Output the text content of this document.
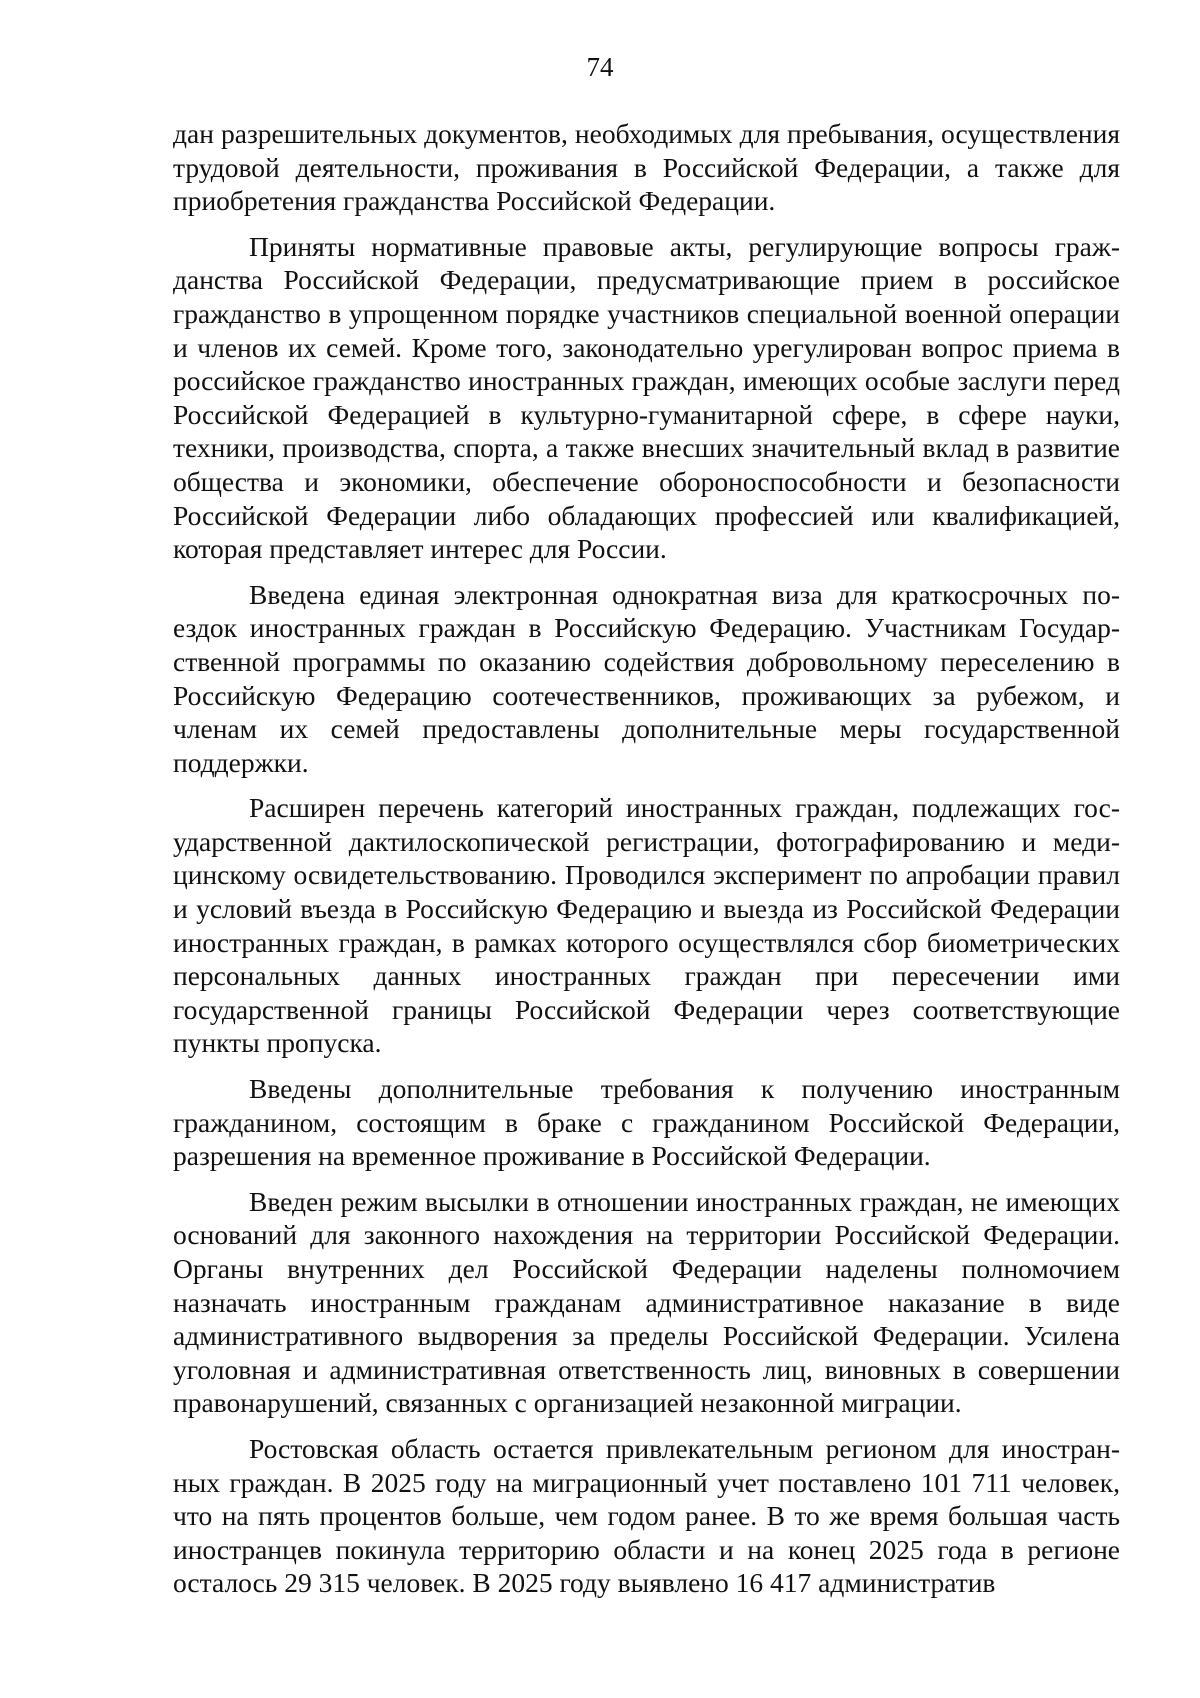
74

дан разрешительных документов, необходимых для пребывания, осуществления трудовой деятельности, проживания в Российской Федерации, а также для приобретения гражданства Российской Федерации.

Приняты нормативные правовые акты, регулирующие вопросы гражданства Российской Федерации, предусматривающие прием в российское гражданство в упрощенном порядке участников специальной военной операции и членов их семей. Кроме того, законодательно урегулирован вопрос приема в российское гражданство иностранных граждан, имеющих особые заслуги перед Российской Федерацией в культурно-гуманитарной сфере, в сфере науки, техники, производства, спорта, а также внесших значительный вклад в развитие общества и экономики, обеспечение обороноспособности и безопасности Российской Федерации либо обладающих профессией или квалификацией, которая представляет интерес для России.

Введена единая электронная однократная виза для краткосрочных поездок иностранных граждан в Российскую Федерацию. Участникам Государственной программы по оказанию содействия добровольному переселению в Российскую Федерацию соотечественников, проживающих за рубежом, и членам их семей предоставлены дополнительные меры государственной поддержки.

Расширен перечень категорий иностранных граждан, подлежащих государственной дактилоскопической регистрации, фотографированию и медицинскому освидетельствованию. Проводился эксперимент по апробации правил и условий въезда в Российскую Федерацию и выезда из Российской Федерации иностранных граждан, в рамках которого осуществлялся сбор биометрических персональных данных иностранных граждан при пересечении ими государственной границы Российской Федерации через соответствующие пункты пропуска.

Введены дополнительные требования к получению иностранным гражданином, состоящим в браке с гражданином Российской Федерации, разрешения на временное проживание в Российской Федерации.

Введен режим высылки в отношении иностранных граждан, не имеющих оснований для законного нахождения на территории Российской Федерации. Органы внутренних дел Российской Федерации наделены полномочием назначать иностранным гражданам административное наказание в виде административного выдворения за пределы Российской Федерации. Усилена уголовная и административная ответственность лиц, виновных в совершении правонарушений, связанных с организацией незаконной миграции.

Ростовская область остается привлекательным регионом для иностранных граждан. В 2025 году на миграционный учет поставлено 101 711 человек, что на пять процентов больше, чем годом ранее. В то же время большая часть иностранцев покинула территорию области и на конец 2025 года в регионе осталось 29 315 человек. В 2025 году выявлено 16 417 административ
